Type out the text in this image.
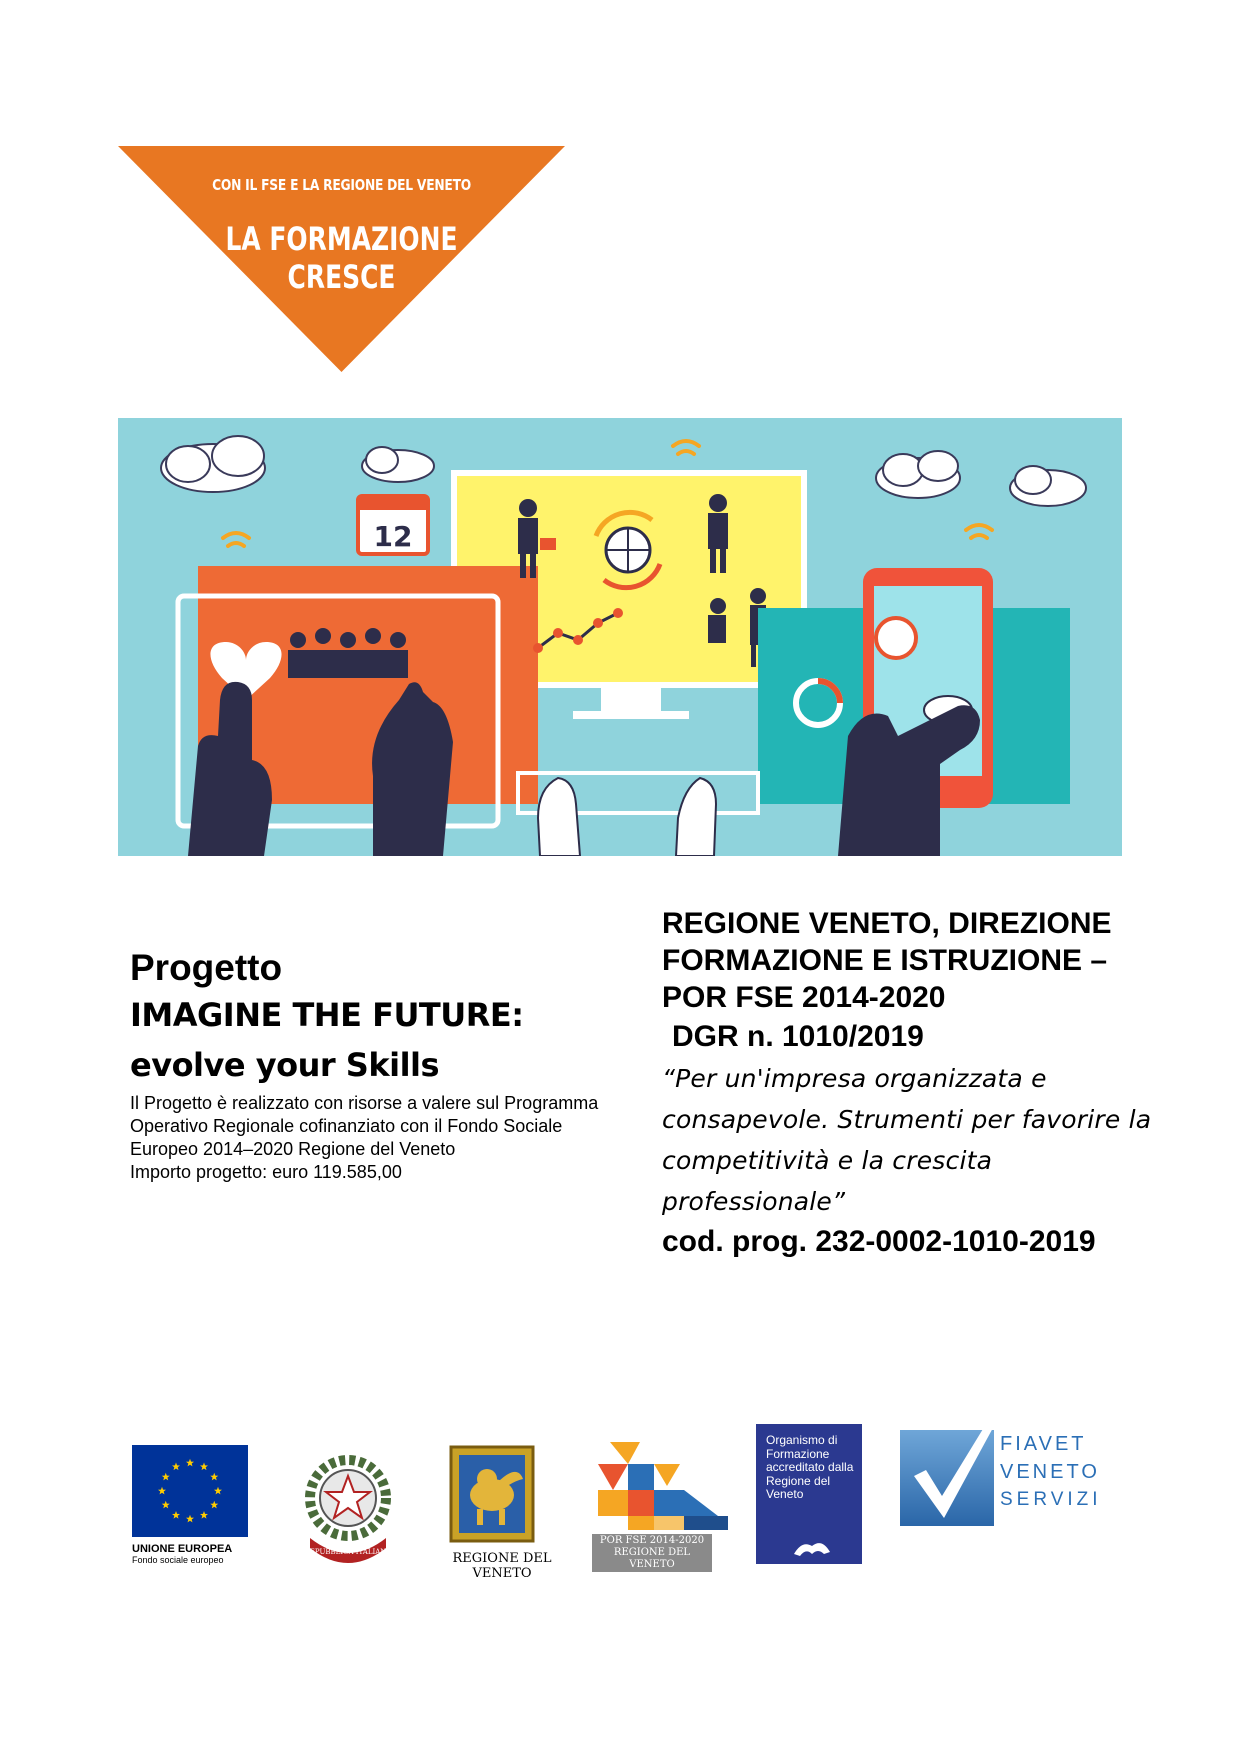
CON IL FSE E LA REGIONE DEL VENETO
LA FORMAZIONE
CRESCE
12
Progetto
IMAGINE THE FUTURE:
evolve your Skills
Il Progetto è realizzato con risorse a valere sul Programma Operativo Regionale cofinanziato con il Fondo Sociale Europeo 2014–2020 Regione del Veneto
Importo progetto: euro 119.585,00
REGIONE VENETO, DIREZIONE FORMAZIONE E ISTRUZIONE – POR FSE 2014-2020
DGR n. 1010/2019
“Per un'impresa organizzata e consapevole. Strumenti per favorire la competitività e la crescita professionale”
cod. prog. 232-0002-1010-2019
UNIONE EUROPEA
Fondo sociale europeo
REPUBBLICA ITALIANA	REGIONE DEL VENETO
POR FSE 2014-2020 REGIONE DEL VENETO
Organismo di Formazione accreditato dalla Regione del Veneto
FIAVET
VENETO
SERVIZI
